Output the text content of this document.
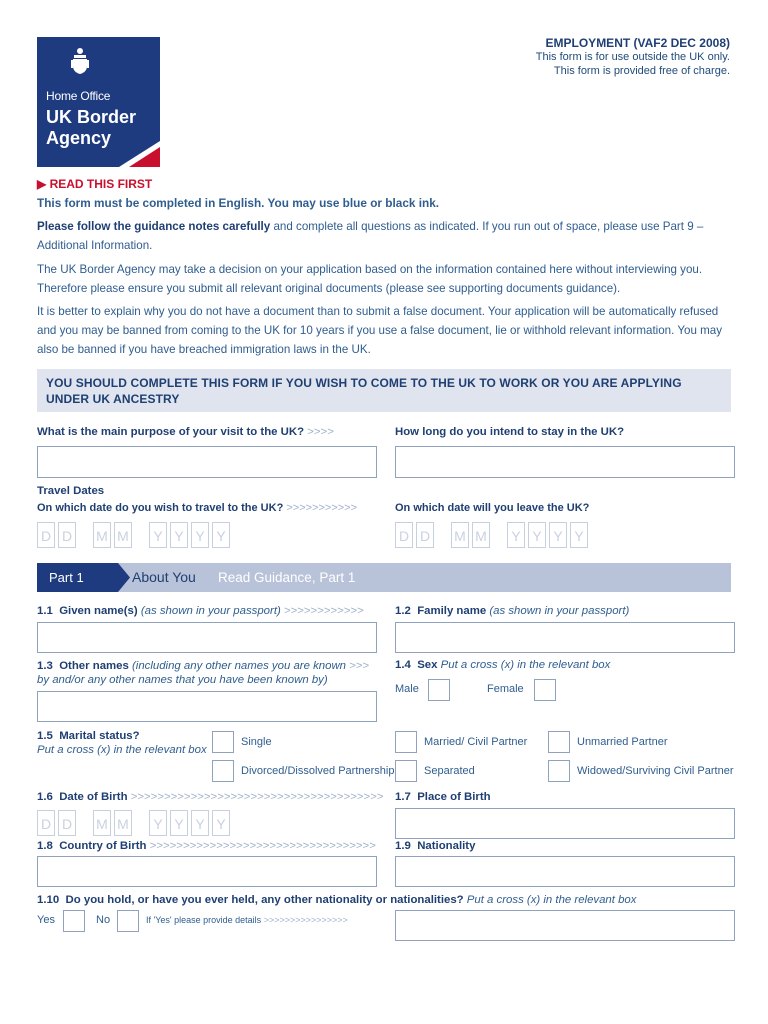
Home Office
UK Border
Agency
EMPLOYMENT (VAF2 DEC 2008)
This form is for use outside the UK only.
This form is provided free of charge.
▶ READ THIS FIRST
This form must be completed in English. You may use blue or black ink.
Please follow the guidance notes carefully and complete all questions as indicated. If you run out of space, please use Part 9 – Additional Information.
The UK Border Agency may take a decision on your application based on the information contained here without interviewing you. Therefore please ensure you submit all relevant original documents (please see supporting documents guidance).
It is better to explain why you do not have a document than to submit a false document. Your application will be automatically refused and you may be banned from coming to the UK for 10 years if you use a false document, lie or withhold relevant information. You may also be banned if you have breached immigration laws in the UK.
YOU SHOULD COMPLETE THIS FORM IF YOU WISH TO COME TO THE UK TO WORK OR YOU ARE APPLYING UNDER UK ANCESTRY
What is the main purpose of your visit to the UK? >>>>	How long do you intend to stay in the UK?
Travel Dates
On which date do you wish to travel to the UK? >>>>>>>>>>>	On which date will you leave the UK?
D D M M	Y Y Y Y	D D M M	Y Y Y Y
Part 1	About You Read Guidance, Part 1
1.1 Given name(s) (as shown in your passport) >>>>>>>>>>>>	1.2 Family name (as shown in your passport)
1.3 Other names (including any other names you are known >>>
by and/or any other names that you have been known by)
1.4 Sex Put a cross (x) in the relevant box
Male	Female
1.5 Marital status?
Put a cross (x) in the relevant box
Single	Married/ Civil Partner	Unmarried Partner
Divorced/Dissolved Partnership	Separated	Widowed/Surviving Civil Partner
1.6 Date of Birth >>>>>>>>>>>>>>>>>>>>>>>>>>>>>>>>>>>>>> 1.7 Place of Birth
D D M M	Y Y Y Y
1.8 Country of Birth >>>>>>>>>>>>>>>>>>>>>>>>>>>>>>>>>> 1.9 Nationality
1.10 Do you hold, or have you ever held, any other nationality or nationalities? Put a cross (x) in the relevant box
Yes	No	If 'Yes' please provide details >>>>>>>>>>>>>>>>
